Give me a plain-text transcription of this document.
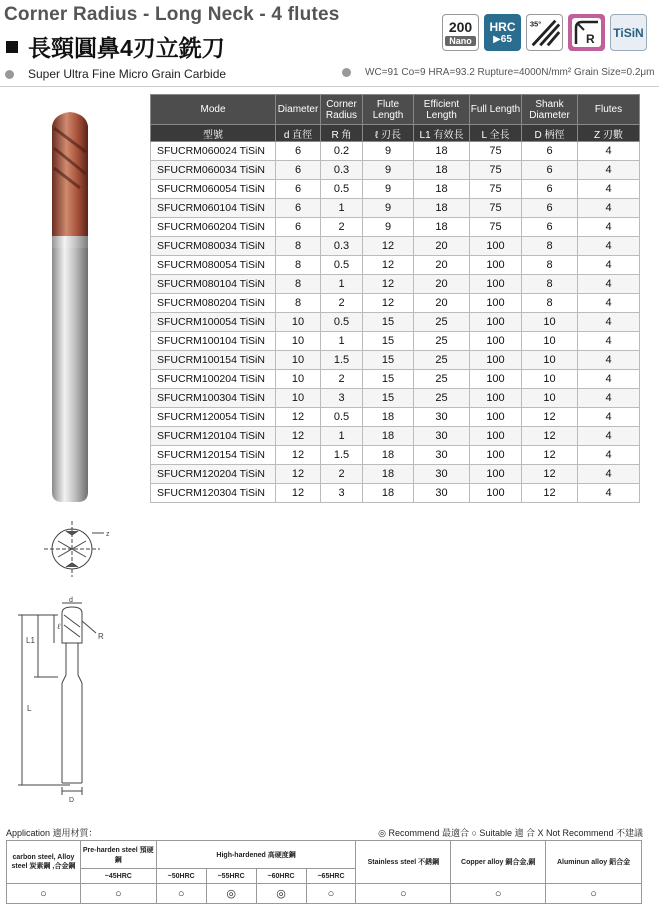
Corner Radius - Long Neck - 4 flutes
長頸圓鼻4刃立銑刀
200
Nano
HRC
▶65
35°
R TiSiN
Super Ultra Fine Micro Grain Carbide	WC=91 Co=9 HRA=93.2 Rupture=4000N/mm² Grain Size=0.2μm
Mode	Diameter	Corner Radius	Flute Length	Efficient Length	Full Length	Shank Diameter	Flutes
型號	d 直徑	R 角	ℓ 刃長	L1 有效長	L 全長	D 柄徑	Z 刃數
SFUCRM060024 TiSiN	6	0.2	9	18	75	6	4
SFUCRM060034 TiSiN	6	0.3	9	18	75	6	4
SFUCRM060054 TiSiN	6	0.5	9	18	75	6	4
SFUCRM060104 TiSiN	6	1	9	18	75	6	4
SFUCRM060204 TiSiN	6	2	9	18	75	6	4
SFUCRM080034 TiSiN	8	0.3	12	20	100	8	4
SFUCRM080054 TiSiN	8	0.5	12	20	100	8	4
SFUCRM080104 TiSiN	8	1	12	20	100	8	4
SFUCRM080204 TiSiN	8	2	12	20	100	8	4
SFUCRM100054 TiSiN	10	0.5	15	25	100	10	4
SFUCRM100104 TiSiN	10	1	15	25	100	10	4
SFUCRM100154 TiSiN	10	1.5	15	25	100	10	4
SFUCRM100204 TiSiN	10	2	15	25	100	10	4
SFUCRM100304 TiSiN	10	3	15	25	100	10	4
SFUCRM120054 TiSiN	12	0.5	18	30	100	12	4
SFUCRM120104 TiSiN	12	1	18	30	100	12	4
SFUCRM120154 TiSiN	12	1.5	18	30	100	12	4
SFUCRM120204 TiSiN	12	2	18	30	100	12	4
SFUCRM120304 TiSiN	12	3	18	30	100	12	4
z
d
ℓ
R
L1
L
D
Application 適用材質：	◎ Recommend 最適合 ○ Suitable 適 合 X Not Recommend 不建議
carbon steel, Alloy steel 炭素鋼 ,合金鋼	Pre-harden steel 預硬鋼	High-hardened 高硬度鋼				Stainless steel 不銹鋼	Copper alloy 銅合金,銅	Aluminun alloy 鋁合金
	~45HRC	~50HRC	~55HRC	~60HRC	~65HRC			
○	○	○	◎	◎	○	○	○	○
